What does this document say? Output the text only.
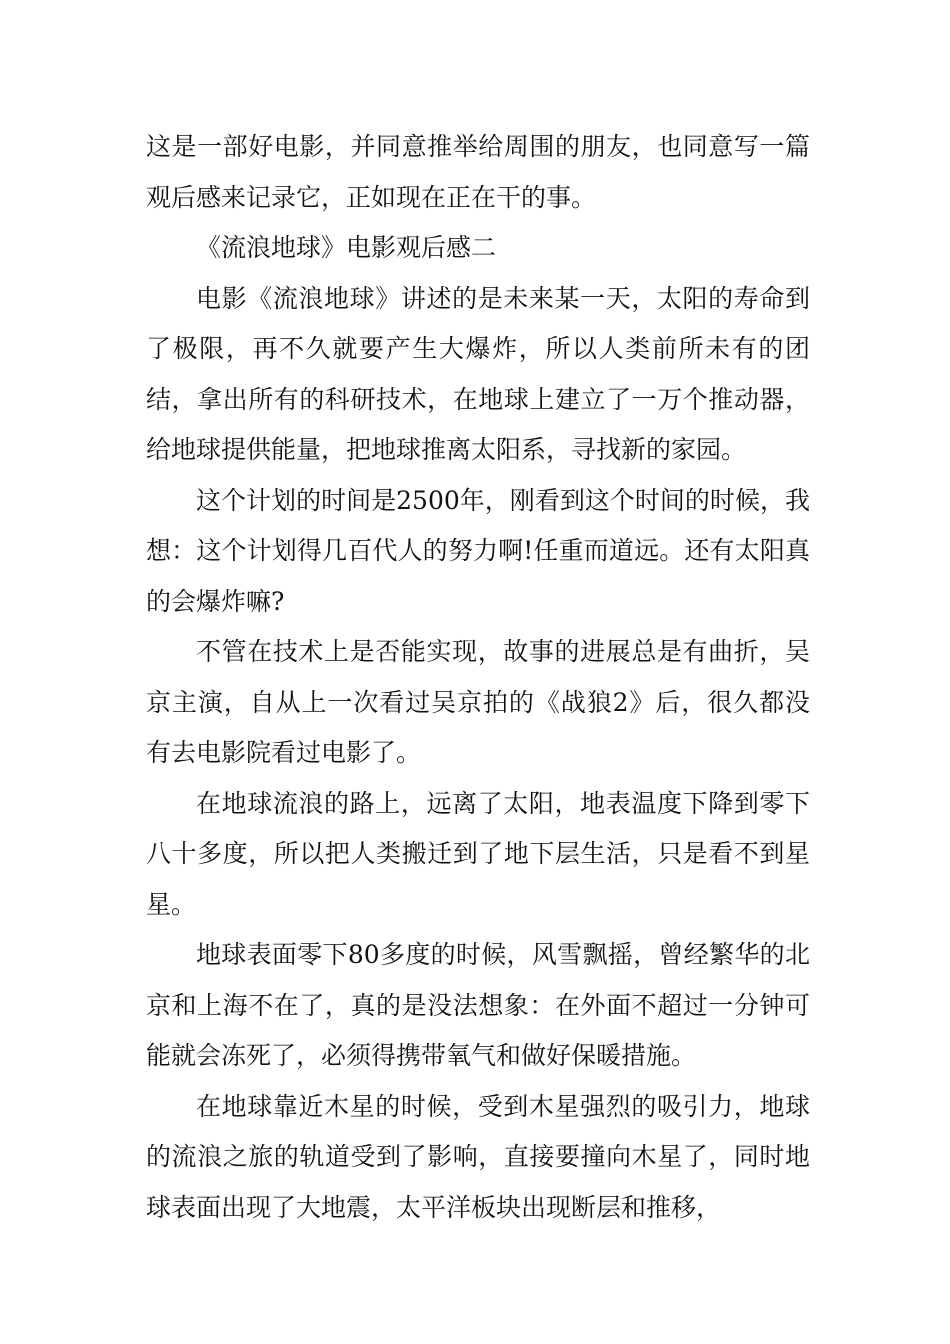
这是一部好电影，并同意推举给周围的朋友，也同意写一篇观后感来记录它，正如现在正在干的事。

《流浪地球》电影观后感二

电影《流浪地球》讲述的是未来某一天，太阳的寿命到了极限，再不久就要产生大爆炸，所以人类前所未有的团结，拿出所有的科研技术，在地球上建立了一万个推动器，给地球提供能量，把地球推离太阳系，寻找新的家园。

这个计划的时间是2500年，刚看到这个时间的时候，我想：这个计划得几百代人的努力啊!任重而道远。还有太阳真的会爆炸嘛?

不管在技术上是否能实现，故事的进展总是有曲折，吴京主演，自从上一次看过吴京拍的《战狼2》后，很久都没有去电影院看过电影了。

在地球流浪的路上，远离了太阳，地表温度下降到零下八十多度，所以把人类搬迁到了地下层生活，只是看不到星星。

地球表面零下80多度的时候，风雪飘摇，曾经繁华的北京和上海不在了，真的是没法想象：在外面不超过一分钟可能就会冻死了，必须得携带氧气和做好保暖措施。

在地球靠近木星的时候，受到木星强烈的吸引力，地球的流浪之旅的轨道受到了影响，直接要撞向木星了，同时地球表面出现了大地震，太平洋板块出现断层和推移，
